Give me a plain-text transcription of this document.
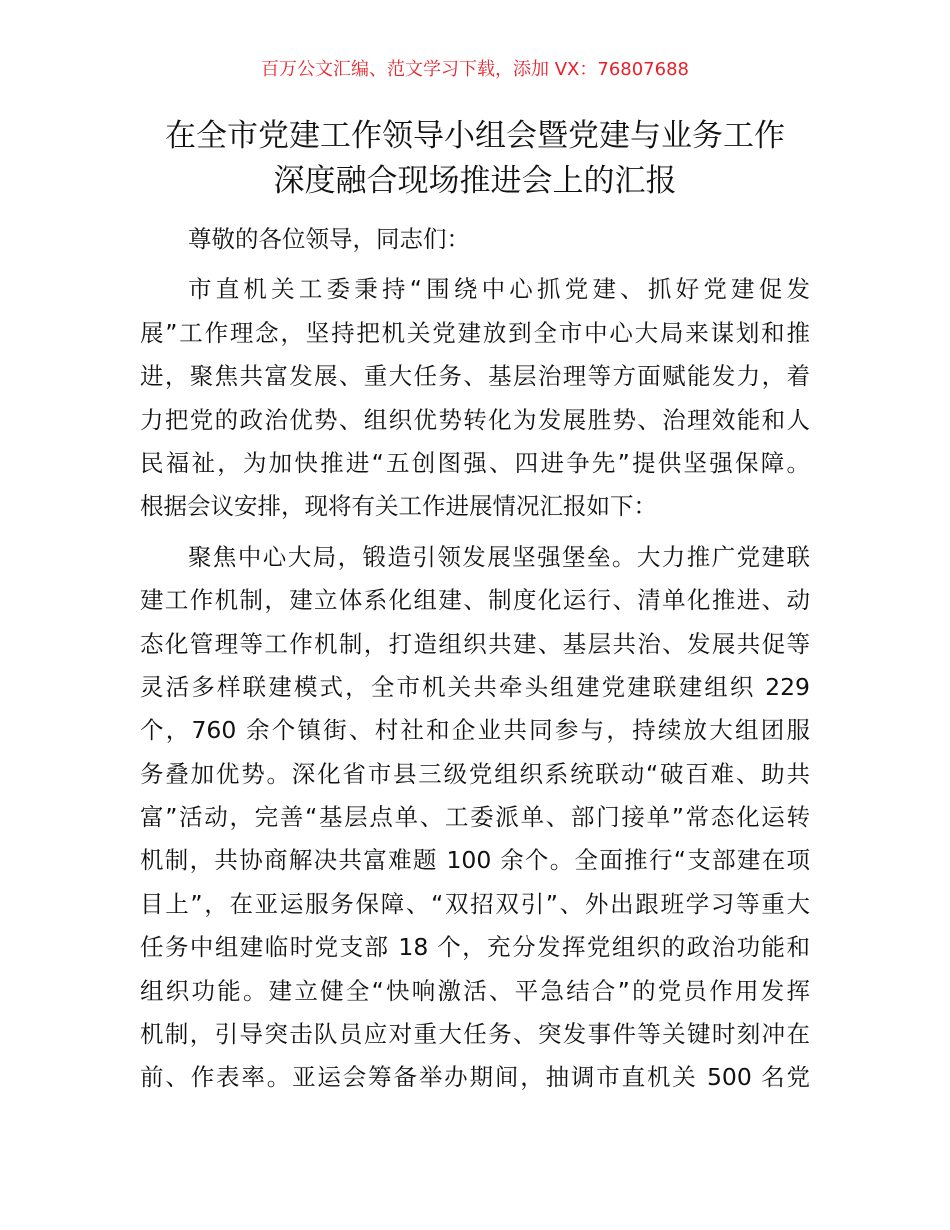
百万公文汇编、范文学习下载，添加 VX：76807688
在全市党建工作领导小组会暨党建与业务工作
深度融合现场推进会上的汇报
尊敬的各位领导，同志们：
市直机关工委秉持“围绕中心抓党建、抓好党建促发
展”工作理念，坚持把机关党建放到全市中心大局来谋划和推
进，聚焦共富发展、重大任务、基层治理等方面赋能发力，着
力把党的政治优势、组织优势转化为发展胜势、治理效能和人
民福祉，为加快推进“五创图强、四进争先”提供坚强保障。
根据会议安排，现将有关工作进展情况汇报如下：
聚焦中心大局，锻造引领发展坚强堡垒。大力推广党建联
建工作机制，建立体系化组建、制度化运行、清单化推进、动
态化管理等工作机制，打造组织共建、基层共治、发展共促等
灵活多样联建模式，全市机关共牵头组建党建联建组织 229
个，760 余个镇街、村社和企业共同参与，持续放大组团服
务叠加优势。深化省市县三级党组织系统联动“破百难、助共
富”活动，完善“基层点单、工委派单、部门接单”常态化运转
机制，共协商解决共富难题 100 余个。全面推行“支部建在项
目上”，在亚运服务保障、“双招双引”、外出跟班学习等重大
任务中组建临时党支部 18 个，充分发挥党组织的政治功能和
组织功能。建立健全“快响激活、平急结合”的党员作用发挥
机制，引导突击队员应对重大任务、突发事件等关键时刻冲在
前、作表率。亚运会筹备举办期间，抽调市直机关 500 名党
